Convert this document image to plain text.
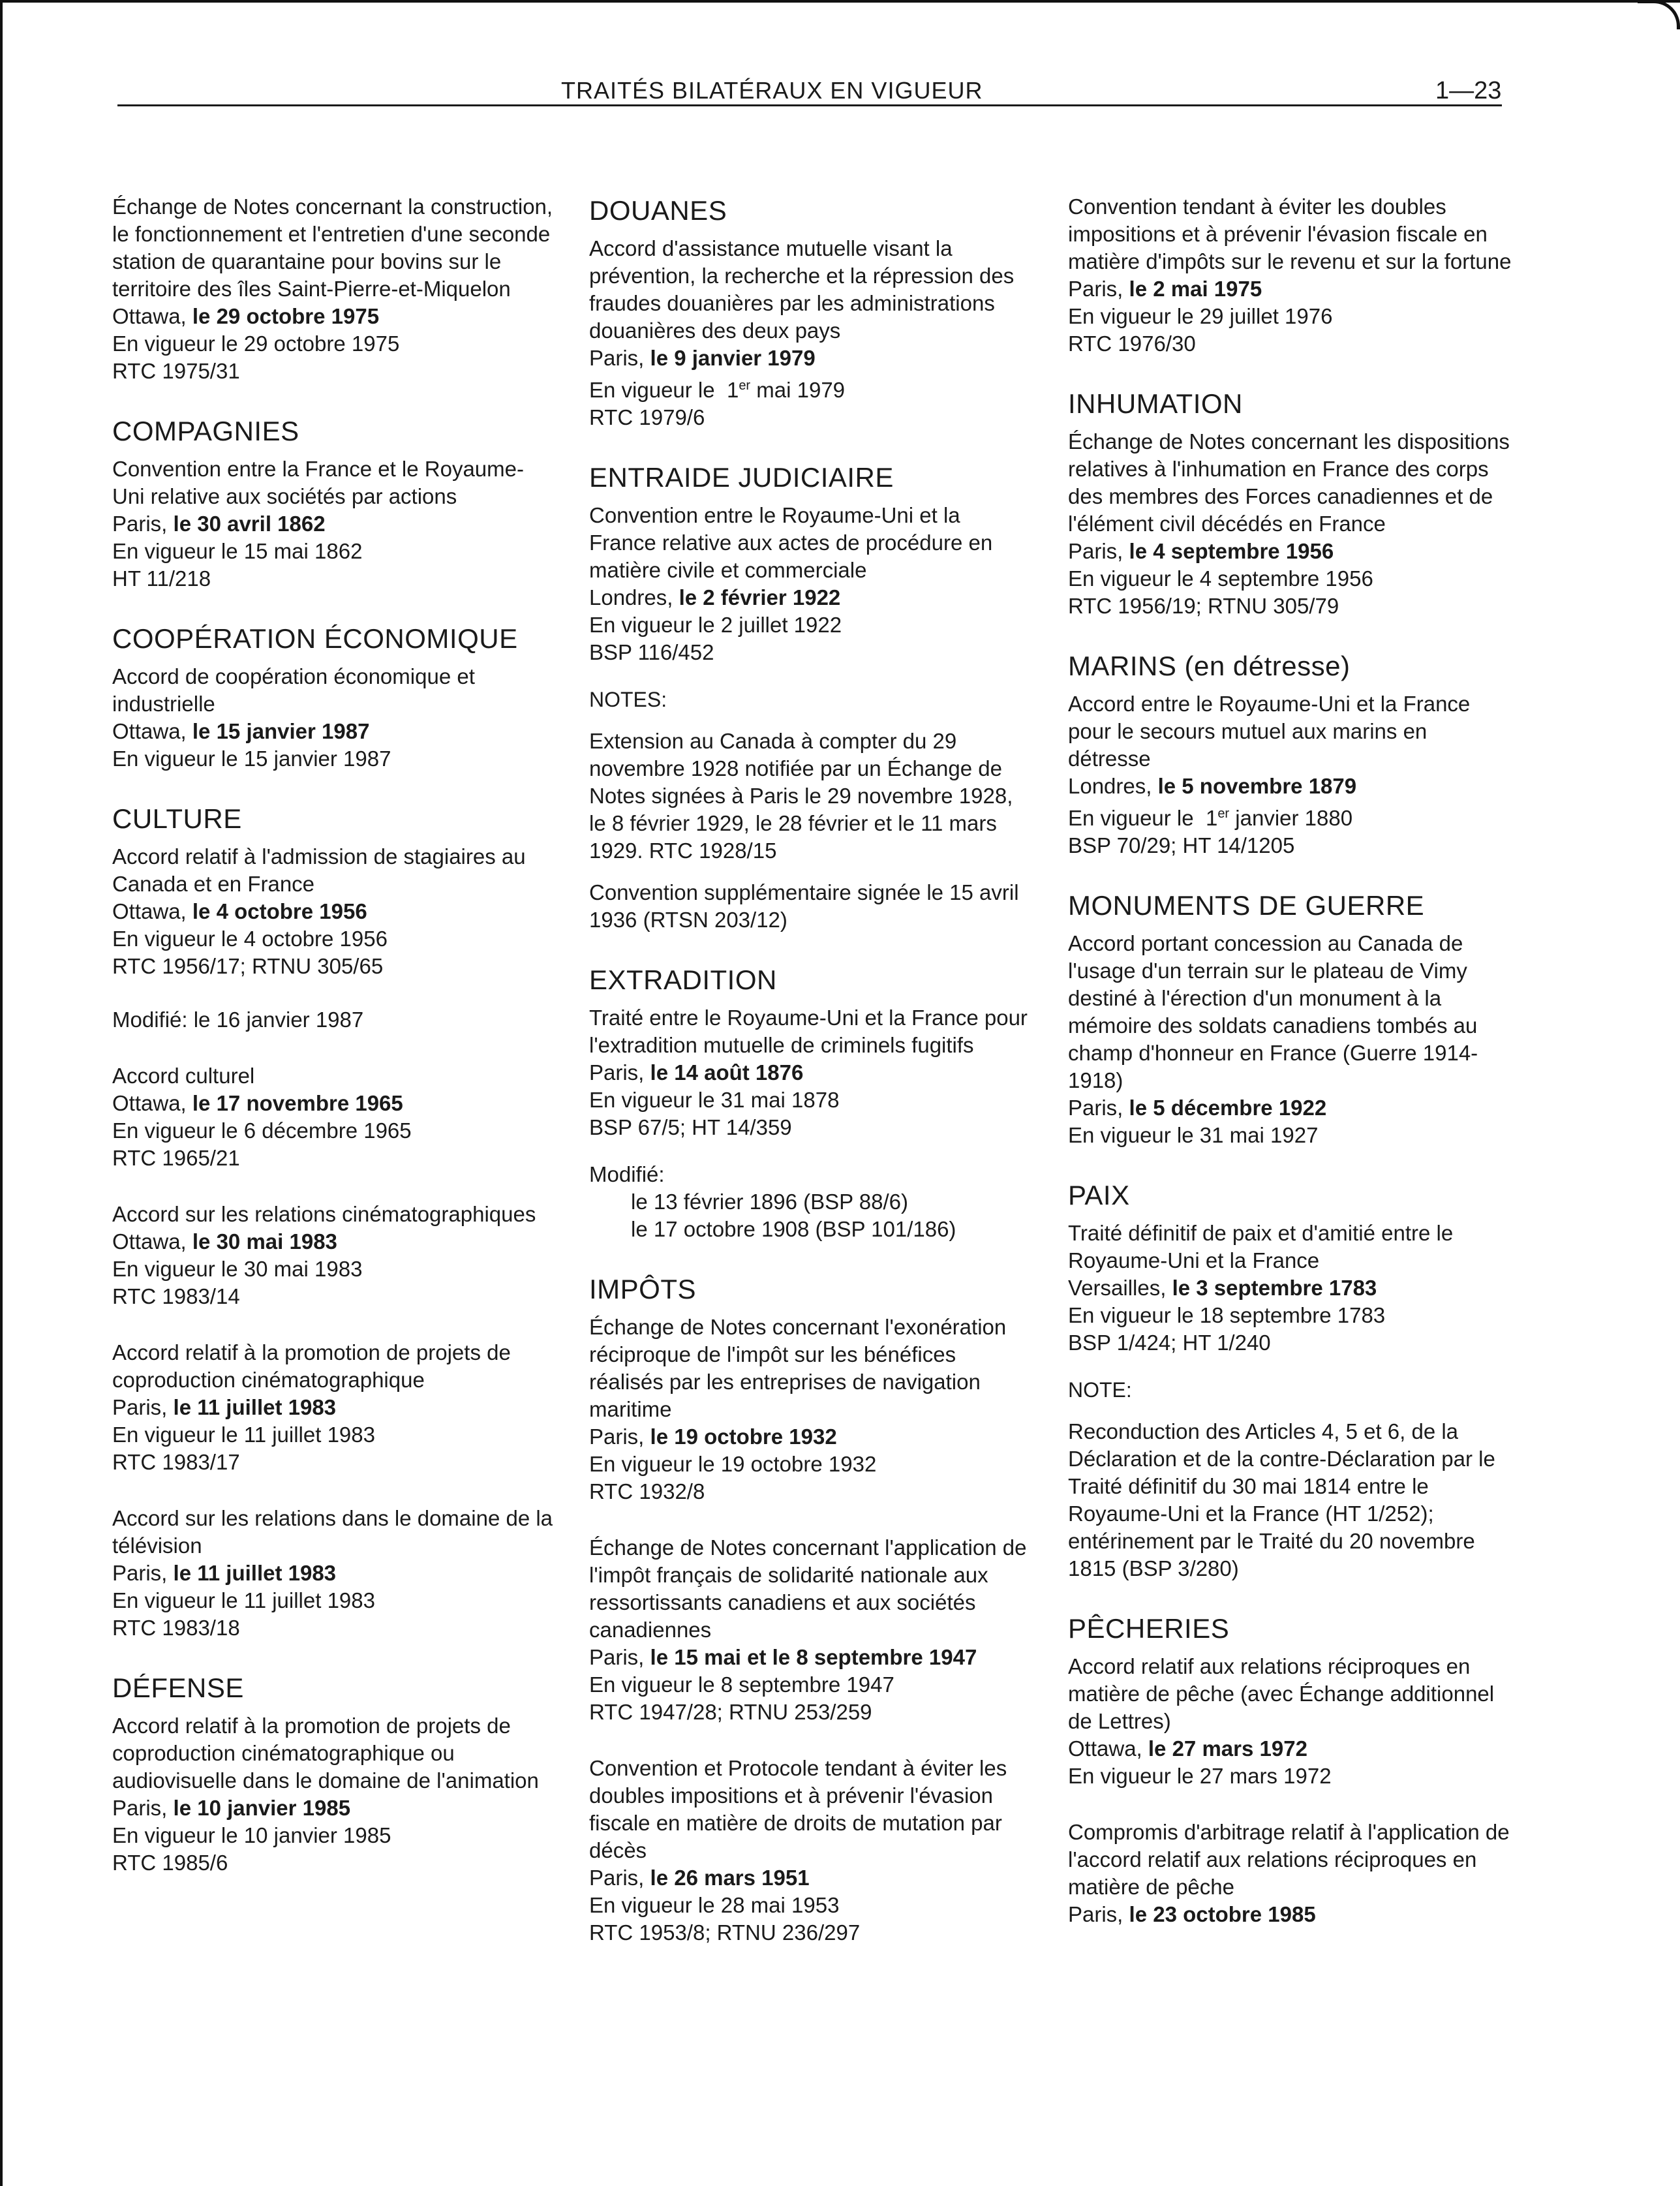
TRAITÉS BILATÉRAUX EN VIGUEUR	1—23
Échange de Notes concernant la construction, le fonctionnement et l'entretien d'une seconde station de quarantaine pour bovins sur le territoire des îles Saint-Pierre-et-Miquelon
Ottawa, le 29 octobre 1975
En vigueur le 29 octobre 1975
RTC 1975/31
COMPAGNIES
Convention entre la France et le Royaume-Uni relative aux sociétés par actions
Paris, le 30 avril 1862
En vigueur le 15 mai 1862
HT 11/218
COOPÉRATION ÉCONOMIQUE
Accord de coopération économique et industrielle
Ottawa, le 15 janvier 1987
En vigueur le 15 janvier 1987
CULTURE
Accord relatif à l'admission de stagiaires au Canada et en France
Ottawa, le 4 octobre 1956
En vigueur le 4 octobre 1956
RTC 1956/17; RTNU 305/65
Modifié: le 16 janvier 1987
Accord culturel
Ottawa, le 17 novembre 1965
En vigueur le 6 décembre 1965
RTC 1965/21
Accord sur les relations cinématographiques
Ottawa, le 30 mai 1983
En vigueur le 30 mai 1983
RTC 1983/14
Accord relatif à la promotion de projets de coproduction cinématographique
Paris, le 11 juillet 1983
En vigueur le 11 juillet 1983
RTC 1983/17
Accord sur les relations dans le domaine de la télévision
Paris, le 11 juillet 1983
En vigueur le 11 juillet 1983
RTC 1983/18
DÉFENSE
Accord relatif à la promotion de projets de coproduction cinématographique ou audiovisuelle dans le domaine de l'animation
Paris, le 10 janvier 1985
En vigueur le 10 janvier 1985
RTC 1985/6
DOUANES
Accord d'assistance mutuelle visant la prévention, la recherche et la répression des fraudes douanières par les administrations douanières des deux pays
Paris, le 9 janvier 1979
En vigueur le  1er mai 1979
RTC 1979/6
ENTRAIDE JUDICIAIRE
Convention entre le Royaume-Uni et la France relative aux actes de procédure en matière civile et commerciale
Londres, le 2 février 1922
En vigueur le 2 juillet 1922
BSP 116/452
NOTES:
Extension au Canada à compter du 29 novembre 1928 notifiée par un Échange de Notes signées à Paris le 29 novembre 1928, le 8 février 1929, le 28 février et le 11 mars 1929. RTC 1928/15
Convention supplémentaire signée le 15 avril 1936 (RTSN 203/12)
EXTRADITION
Traité entre le Royaume-Uni et la France pour l'extradition mutuelle de criminels fugitifs
Paris, le 14 août 1876
En vigueur le 31 mai 1878
BSP 67/5; HT 14/359
Modifié:
le 13 février 1896 (BSP 88/6)
le 17 octobre 1908 (BSP 101/186)
IMPÔTS
Échange de Notes concernant l'exonération réciproque de l'impôt sur les bénéfices réalisés par les entreprises de navigation maritime
Paris, le 19 octobre 1932
En vigueur le 19 octobre 1932
RTC 1932/8
Échange de Notes concernant l'application de l'impôt français de solidarité nationale aux ressortissants canadiens et aux sociétés canadiennes
Paris, le 15 mai et le 8 septembre 1947
En vigueur le 8 septembre 1947
RTC 1947/28; RTNU 253/259
Convention et Protocole tendant à éviter les doubles impositions et à prévenir l'évasion fiscale en matière de droits de mutation par décès
Paris, le 26 mars 1951
En vigueur le 28 mai 1953
RTC 1953/8; RTNU 236/297
Convention tendant à éviter les doubles impositions et à prévenir l'évasion fiscale en matière d'impôts sur le revenu et sur la fortune
Paris, le 2 mai 1975
En vigueur le 29 juillet 1976
RTC 1976/30
INHUMATION
Échange de Notes concernant les dispositions relatives à l'inhumation en France des corps des membres des Forces canadiennes et de l'élément civil décédés en France
Paris, le 4 septembre 1956
En vigueur le 4 septembre 1956
RTC 1956/19; RTNU 305/79
MARINS (en détresse)
Accord entre le Royaume-Uni et la France pour le secours mutuel aux marins en détresse
Londres, le 5 novembre 1879
En vigueur le  1er janvier 1880
BSP 70/29; HT 14/1205
MONUMENTS DE GUERRE
Accord portant concession au Canada de l'usage d'un terrain sur le plateau de Vimy destiné à l'érection d'un monument à la mémoire des soldats canadiens tombés au champ d'honneur en France (Guerre 1914-1918)
Paris, le 5 décembre 1922
En vigueur le 31 mai 1927
PAIX
Traité définitif de paix et d'amitié entre le Royaume-Uni et la France
Versailles, le 3 septembre 1783
En vigueur le 18 septembre 1783
BSP 1/424; HT 1/240
NOTE:
Reconduction des Articles 4, 5 et 6, de la Déclaration et de la contre-Déclaration par le Traité définitif du 30 mai 1814 entre le Royaume-Uni et la France (HT 1/252); entérinement par le Traité du 20 novembre 1815 (BSP 3/280)
PÊCHERIES
Accord relatif aux relations réciproques en matière de pêche (avec Échange additionnel de Lettres)
Ottawa, le 27 mars 1972
En vigueur le 27 mars 1972
Compromis d'arbitrage relatif à l'application de l'accord relatif aux relations réciproques en matière de pêche
Paris, le 23 octobre 1985
